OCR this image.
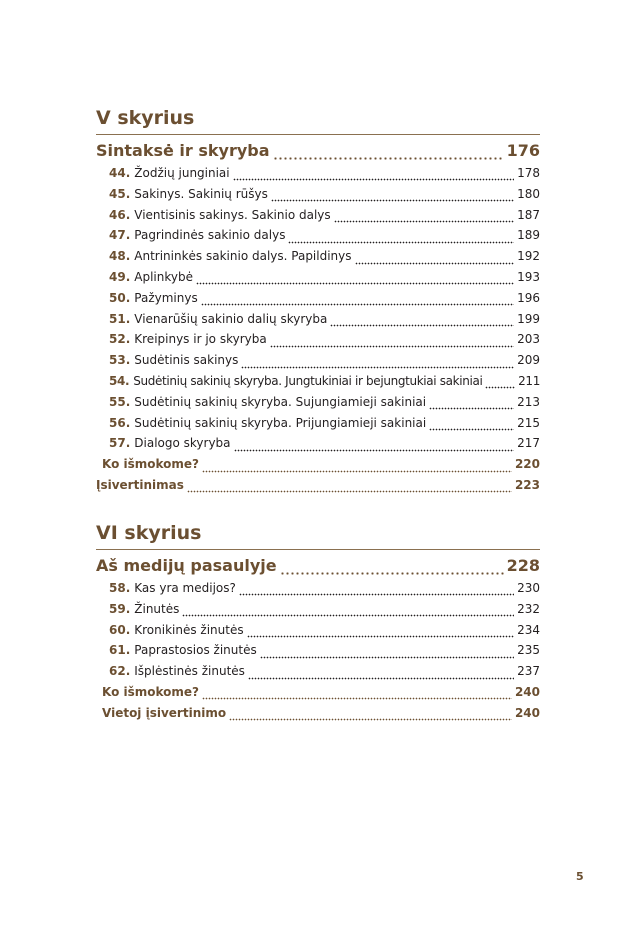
V skyrius
Sintaksė ir skyryba	176
44. Žodžių junginiai	178
45. Sakinys. Sakinių rūšys	180
46. Vientisinis sakinys. Sakinio dalys	187
47. Pagrindinės sakinio dalys	189
48. Antrininkės sakinio dalys. Papildinys	192
49. Aplinkybė	193
50. Pažyminys	196
51. Vienarūšių sakinio dalių skyryba	199
52. Kreipinys ir jo skyryba	203
53. Sudėtinis sakinys	209
54. Sudėtinių sakinių skyryba. Jungtukiniai ir bejungtukiai sakiniai	211
55. Sudėtinių sakinių skyryba. Sujungiamieji sakiniai	213
56. Sudėtinių sakinių skyryba. Prijungiamieji sakiniai	215
57. Dialogo skyryba	217
Ko išmokome?	220
Įsivertinimas	223
VI skyrius
Aš medijų pasaulyje	228
58. Kas yra medijos?	230
59. Žinutės	232
60. Kronikinės žinutės	234
61. Paprastosios žinutės	235
62. Išplėstinės žinutės	237
Ko išmokome?	240
Vietoj įsivertinimo	240
5
